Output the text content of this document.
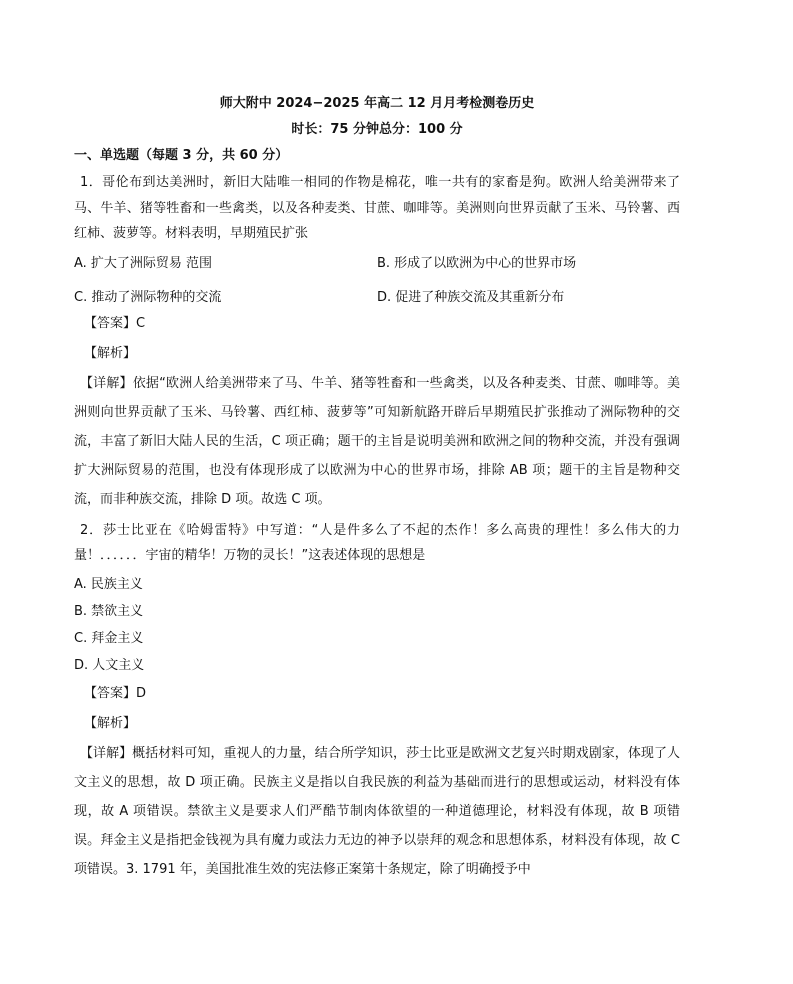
师大附中 2024−2025 年高二 12 月月考检测卷历史

时长：75 分钟总分：100 分

一、单选题（每题 3 分，共 60 分）

1．哥伦布到达美洲时，新旧大陆唯一相同的作物是棉花，唯一共有的家畜是狗。欧洲人给美洲带来了马、牛羊、猪等牲畜和一些禽类，以及各种麦类、甘蔗、咖啡等。美洲则向世界贡献了玉米、马铃薯、西红柿、菠萝等。材料表明，早期殖民扩张

A. 扩大了洲际贸易 范围	B. 形成了以欧洲为中心的世界市场
C. 推动了洲际物种的交流	D. 促进了种族交流及其重新分布
【答案】C
【解析】

【详解】依据“欧洲人给美洲带来了马、牛羊、猪等牲畜和一些禽类，以及各种麦类、甘蔗、咖啡等。美洲则向世界贡献了玉米、马铃薯、西红柿、菠萝等”可知新航路开辟后早期殖民扩张推动了洲际物种的交流，丰富了新旧大陆人民的生活，C 项正确；题干的主旨是说明美洲和欧洲之间的物种交流，并没有强调扩大洲际贸易的范围，也没有体现形成了以欧洲为中心的世界市场，排除 AB 项；题干的主旨是物种交流，而非种族交流，排除 D 项。故选 C 项。

2．莎士比亚在《哈姆雷特》中写道：“人是件多么了不起的杰作！多么高贵的理性！多么伟大的力量！．．．．．．宇宙的精华！万物的灵长！”这表述体现的思想是

A. 民族主义
B. 禁欲主义
C. 拜金主义
D. 人文主义
【答案】D
【解析】

【详解】概括材料可知，重视人的力量，结合所学知识，莎士比亚是欧洲文艺复兴时期戏剧家，体现了人文主义的思想，故 D 项正确。民族主义是指以自我民族的利益为基础而进行的思想或运动，材料没有体现，故 A 项错误。禁欲主义是要求人们严酷节制肉体欲望的一种道德理论，材料没有体现，故 B 项错误。拜金主义是指把金钱视为具有魔力或法力无边的神予以崇拜的观念和思想体系，材料没有体现，故 C 项错误。3. 1791 年，美国批准生效的宪法修正案第十条规定，除了明确授予中
